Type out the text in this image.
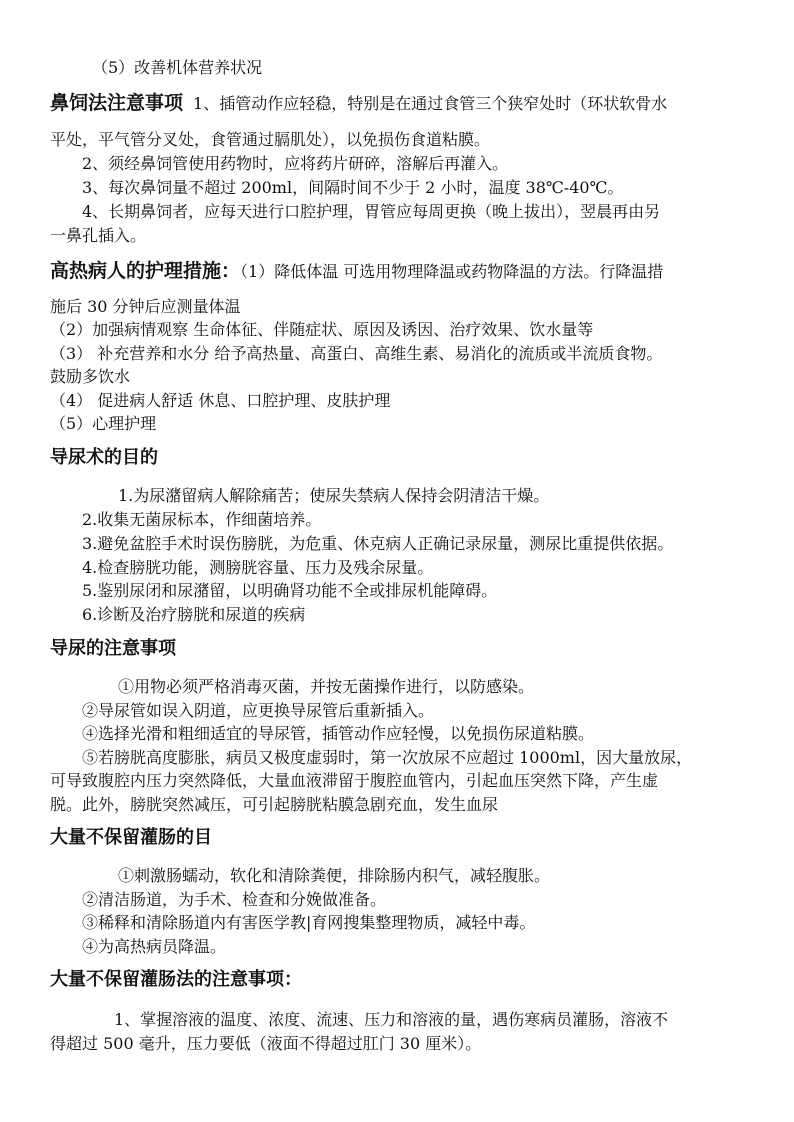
（5）改善机体营养状况
鼻饲法注意事项 1、插管动作应轻稳，特别是在通过食管三个狭窄处时（环状软骨水
平处，平气管分叉处，食管通过膈肌处），以免损伤食道粘膜。
2、须经鼻饲管使用药物时，应将药片研碎，溶解后再灌入。
3、每次鼻饲量不超过 200ml，间隔时间不少于 2 小时，温度 38℃-40℃。
4、长期鼻饲者，应每天进行口腔护理，胃管应每周更换（晚上拔出），翌晨再由另
一鼻孔插入。
高热病人的护理措施：（1）降低体温 可选用物理降温或药物降温的方法。行降温措
施后 30 分钟后应测量体温
（2）加强病情观察 生命体征、伴随症状、原因及诱因、治疗效果、饮水量等
（3） 补充营养和水分 给予高热量、高蛋白、高维生素、易消化的流质或半流质食物。
鼓励多饮水
（4） 促进病人舒适 休息、口腔护理、皮肤护理
（5）心理护理
导尿术的目的
1.为尿潴留病人解除痛苦；使尿失禁病人保持会阴清洁干燥。
2.收集无菌尿标本，作细菌培养。
3.避免盆腔手术时误伤膀胱，为危重、休克病人正确记录尿量，测尿比重提供依据。
4.检查膀胱功能，测膀胱容量、压力及残余尿量。
5.鉴别尿闭和尿潴留，以明确肾功能不全或排尿机能障碍。
6.诊断及治疗膀胱和尿道的疾病
导尿的注意事项
①用物必须严格消毒灭菌，并按无菌操作进行，以防感染。
②导尿管如误入阴道，应更换导尿管后重新插入。
④选择光滑和粗细适宜的导尿管，插管动作应轻慢，以免损伤尿道粘膜。
⑤若膀胱高度膨胀，病员又极度虚弱时，第一次放尿不应超过 1000ml，因大量放尿，
可导致腹腔内压力突然降低，大量血液滞留于腹腔血管内，引起血压突然下降，产生虚
脱。此外，膀胱突然减压，可引起膀胱粘膜急剧充血，发生血尿
大量不保留灌肠的目
①刺激肠蠕动，软化和清除粪便，排除肠内积气，减轻腹胀。
②清洁肠道，为手术、检查和分娩做准备。
③稀释和清除肠道内有害医学教|育网搜集整理物质，减轻中毒。
④为高热病员降温。
大量不保留灌肠法的注意事项：
1、掌握溶液的温度、浓度、流速、压力和溶液的量，遇伤寒病员灌肠，溶液不
得超过 500 毫升，压力要低（液面不得超过肛门 30 厘米）。
